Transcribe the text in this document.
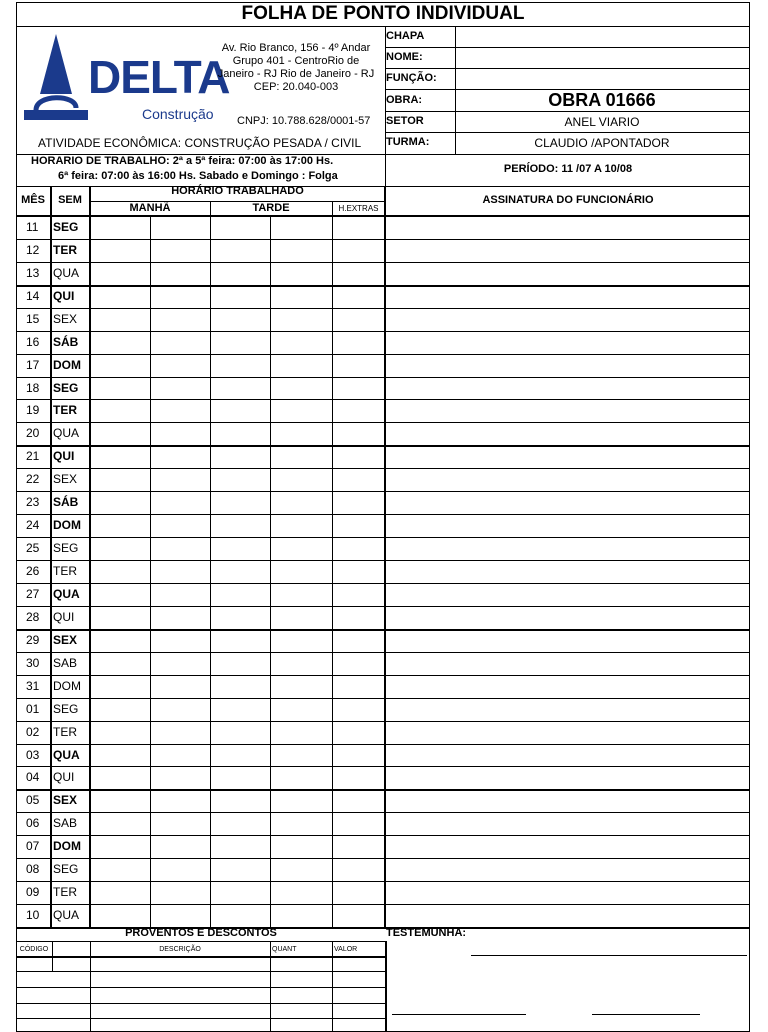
FOLHA DE PONTO INDIVIDUAL
DELTA
Construção
Av. Rio Branco, 156 - 4º Andar
Grupo 401 - CentroRio de
Janeiro - RJ Rio de Janeiro - RJ
CEP: 20.040-003
CNPJ: 10.788.628/0001-57
ATIVIDADE ECONÔMICA: CONSTRUÇÃO PESADA / CIVIL
CHAPA
NOME:
FUNÇÃO:
OBRA:	OBRA 01666
SETOR	ANEL VIARIO
TURMA:	CLAUDIO /APONTADOR
HORARIO DE TRABALHO: 2ª a 5ª feira: 07:00 às 17:00 Hs.
6ª feira: 07:00 às 16:00 Hs. Sabado e Domingo : Folga
PERÍODO: 11 /07 A 10/08
MÊS	SEM
HORÁRIO TRABALHADO
MANHÃ	TARDE	H.EXTRAS
ASSINATURA DO FUNCIONÁRIO
11 SEG
12 TER
13 QUA
14 QUI
15 SEX
16 SÁB
17 DOM
18 SEG
19 TER
20 QUA
21 QUI
22 SEX
23 SÁB
24 DOM
25 SEG
26 TER
27 QUA
28 QUI
29 SEX
30 SAB
31 DOM
01 SEG
02 TER
03 QUA
04 QUI
05 SEX
06 SAB
07 DOM
08 SEG
09 TER
10 QUA
PROVENTOS E DESCONTOS	TESTEMUNHA:
CÓDIGO	DESCRIÇÃO	QUANT	VALOR
